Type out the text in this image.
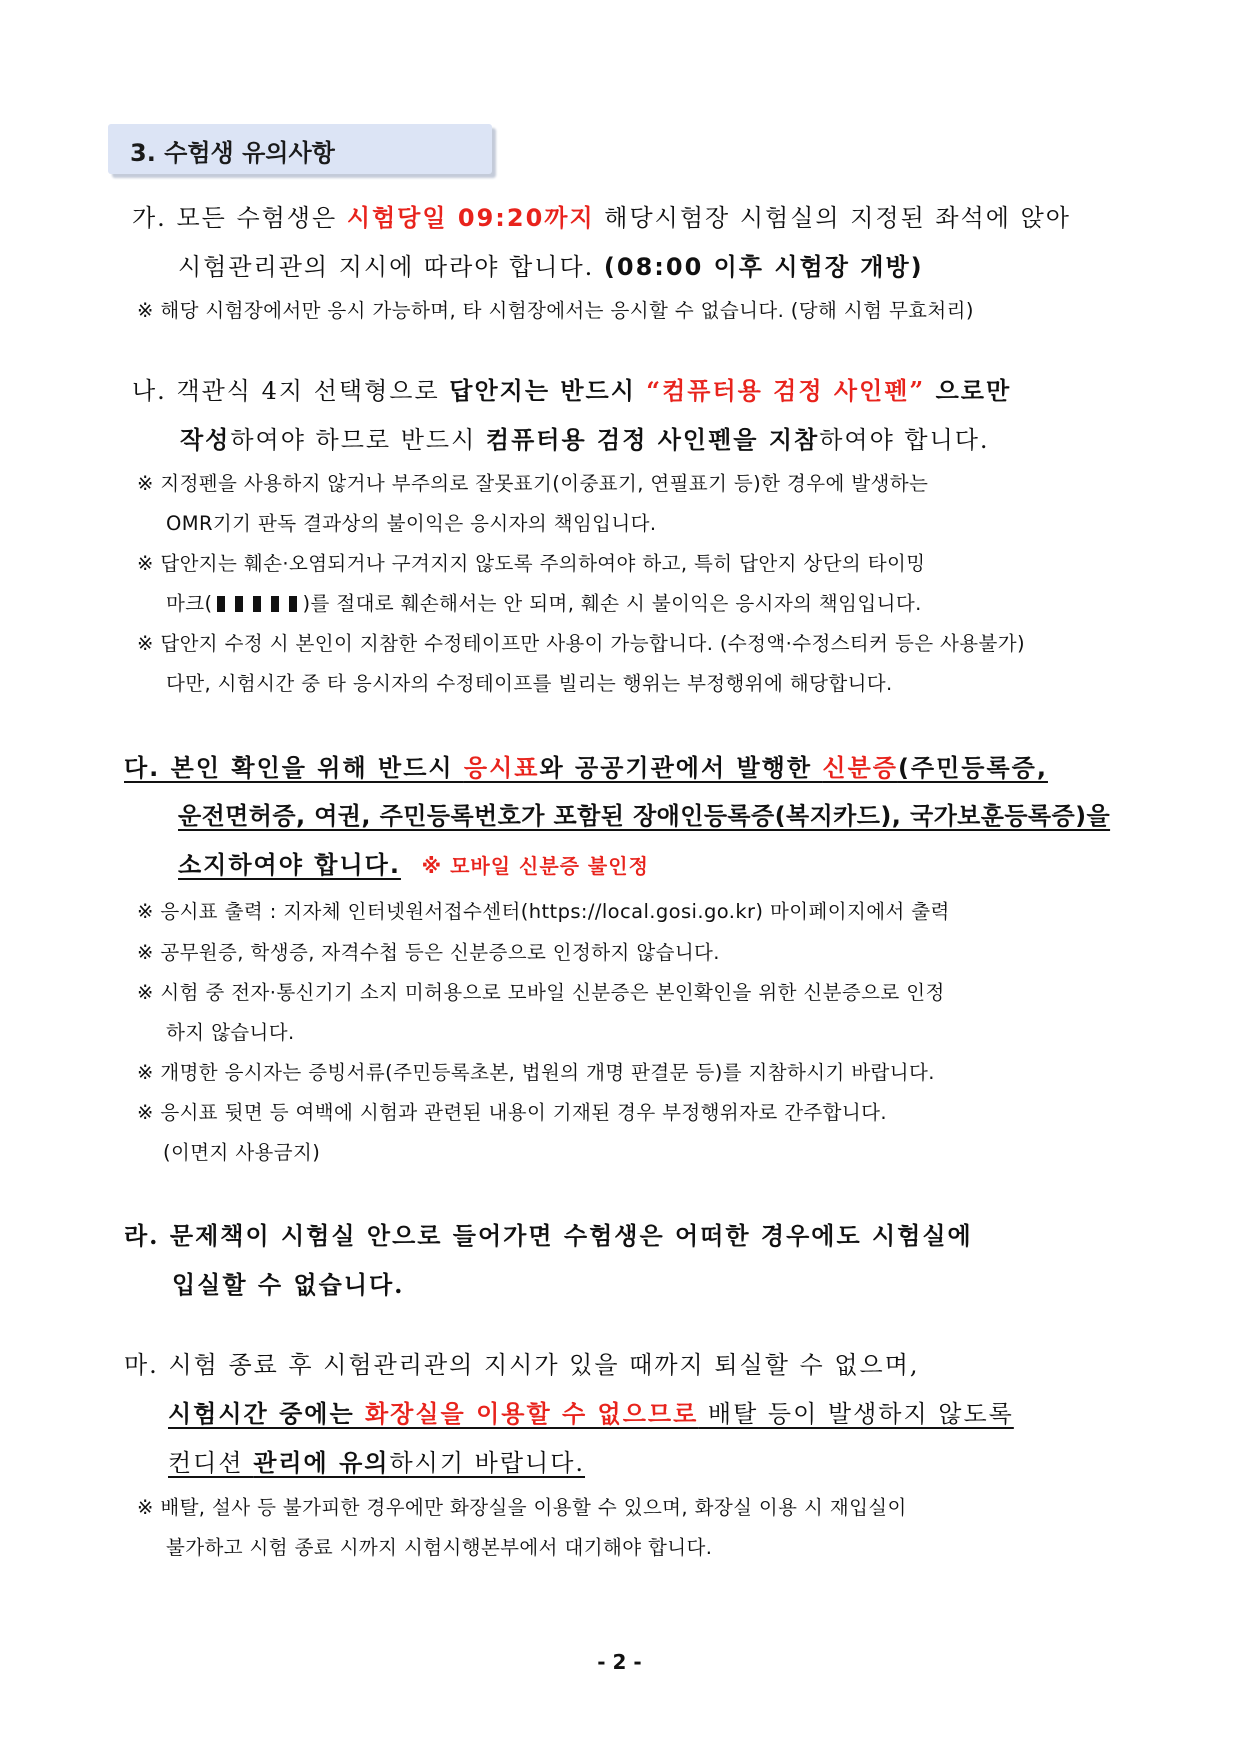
3. 수험생 유의사항
가. 모든 수험생은 시험당일 09:20까지 해당시험장 시험실의 지정된 좌석에 앉아
시험관리관의 지시에 따라야 합니다. (08:00 이후 시험장 개방)
※ 해당 시험장에서만 응시 가능하며, 타 시험장에서는 응시할 수 없습니다. (당해 시험 무효처리)
나. 객관식 4지 선택형으로 답안지는 반드시 “컴퓨터용 검정 사인펜” 으로만
작성하여야 하므로 반드시 컴퓨터용 검정 사인펜을 지참하여야 합니다.
※ 지정펜을 사용하지 않거나 부주의로 잘못표기(이중표기, 연필표기 등)한 경우에 발생하는
OMR기기 판독 결과상의 불이익은 응시자의 책임입니다.
※ 답안지는 훼손·오염되거나 구겨지지 않도록 주의하여야 하고, 특히 답안지 상단의 타이밍
마크(	)를 절대로 훼손해서는 안 되며, 훼손 시 불이익은 응시자의 책임입니다.
※ 답안지 수정 시 본인이 지참한 수정테이프만 사용이 가능합니다. (수정액·수정스티커 등은 사용불가)
다만, 시험시간 중 타 응시자의 수정테이프를 빌리는 행위는 부정행위에 해당합니다.
다. 본인 확인을 위해 반드시 응시표와 공공기관에서 발행한 신분증(주민등록증,
운전면허증, 여권, 주민등록번호가 포함된 장애인등록증(복지카드), 국가보훈등록증)을
소지하여야 합니다. ※ 모바일 신분증 불인정
※ 응시표 출력 : 지자체 인터넷원서접수센터(https://local.gosi.go.kr) 마이페이지에서 출력
※ 공무원증, 학생증, 자격수첩 등은 신분증으로 인정하지 않습니다.
※ 시험 중 전자·통신기기 소지 미허용으로 모바일 신분증은 본인확인을 위한 신분증으로 인정
하지 않습니다.
※ 개명한 응시자는 증빙서류(주민등록초본, 법원의 개명 판결문 등)를 지참하시기 바랍니다.
※ 응시표 뒷면 등 여백에 시험과 관련된 내용이 기재된 경우 부정행위자로 간주합니다.
(이면지 사용금지)
라. 문제책이 시험실 안으로 들어가면 수험생은 어떠한 경우에도 시험실에
입실할 수 없습니다.
마. 시험 종료 후 시험관리관의 지시가 있을 때까지 퇴실할 수 없으며,
시험시간 중에는 화장실을 이용할 수 없으므로 배탈 등이 발생하지 않도록
컨디션 관리에 유의하시기 바랍니다.
※ 배탈, 설사 등 불가피한 경우에만 화장실을 이용할 수 있으며, 화장실 이용 시 재입실이
불가하고 시험 종료 시까지 시험시행본부에서 대기해야 합니다.
- 2 -
